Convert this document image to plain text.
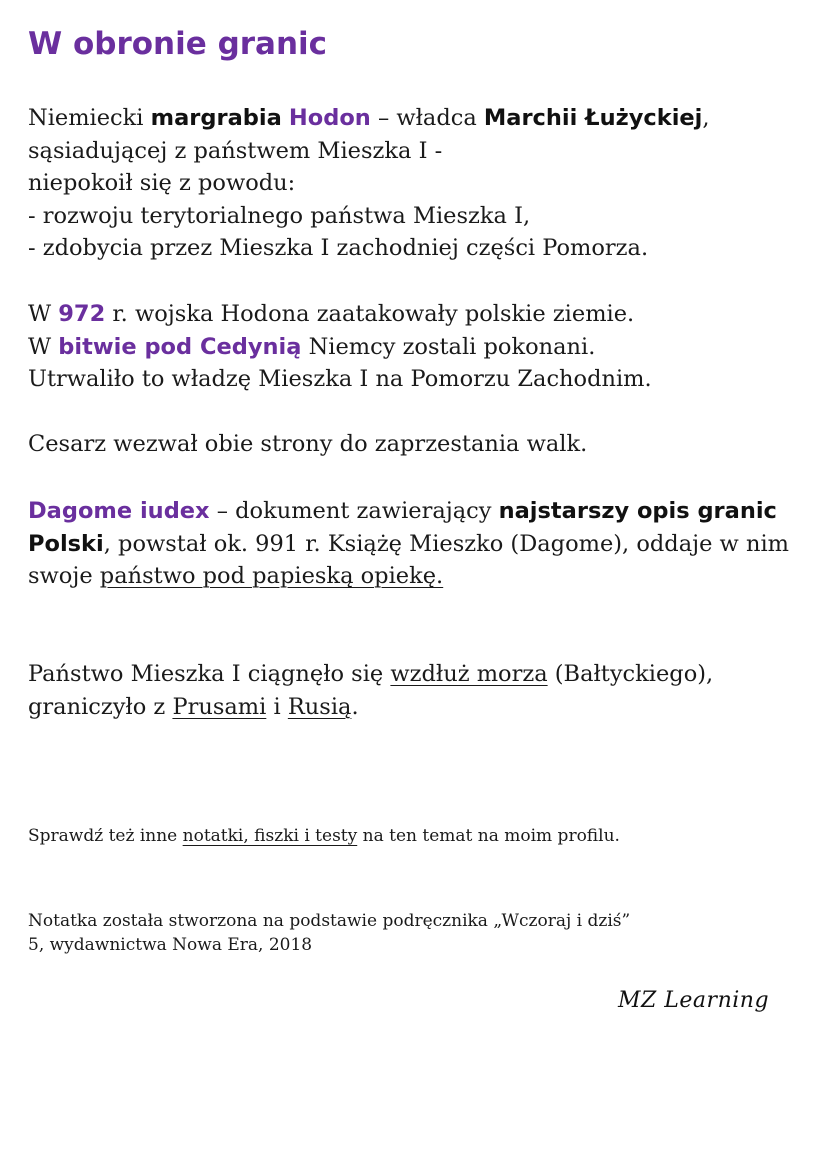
W obronie granic

Niemiecki margrabia Hodon – władca Marchii Łużyckiej, sąsiadującej z państwem Mieszka I -
niepokoił się z powodu:
- rozwoju terytorialnego państwa Mieszka I,
- zdobycia przez Mieszka I zachodniej części Pomorza.

W 972 r. wojska Hodona zaatakowały polskie ziemie.
W bitwie pod Cedynią Niemcy zostali pokonani.
Utrwaliło to władzę Mieszka I na Pomorzu Zachodnim.

Cesarz wezwał obie strony do zaprzestania walk.

Dagome iudex – dokument zawierający najstarszy opis granic Polski, powstał ok. 991 r. Książę Mieszko (Dagome), oddaje w nim swoje państwo pod papieską opiekę.

Państwo Mieszka I ciągnęło się wzdłuż morza (Bałtyckiego), graniczyło z Prusami i Rusią.

Sprawdź też inne notatki, fiszki i testy na ten temat na moim profilu.

Notatka została stworzona na podstawie podręcznika „Wczoraj i dziś”
5, wydawnictwa Nowa Era, 2018

MZ Learning
